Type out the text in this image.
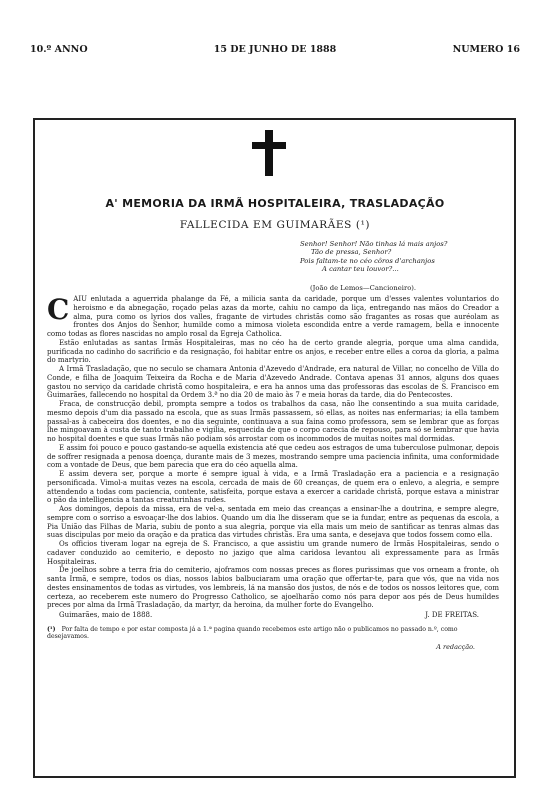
10.º ANNO	15 DE JUNHO DE 1888	NUMERO 16
A' MEMORIA DA IRMÃ HOSPITALEIRA, TRASLADAÇÃO
FALLECIDA EM GUIMARÃES (¹)
Senhor! Senhor! Não tinhas lá mais anjos?
Tão de pressa, Senhor?
Pois faltam-te no céo côros d'archanjos
A cantar teu louvor?...
(João de Lemos—Cancioneiro).

CAIU enlutada a aguerrida phalange da Fé, a milicia santa da caridade, porque um d'esses valentes voluntarios do heroismo e da abnegação, roçado pelas azas da morte, cahiu no campo da liça, entregando nas mãos do Creador a alma, pura como os lyrios dos valles, fragante de virtudes christãs como são fragantes as rosas que auréolam as frontes dos Anjos do Senhor, humilde como a mimosa violeta escondida entre a verde ramagem, bella e innocente como todas as flores nascidas no amplo rosal da Egreja Catholica.

Estão enlutadas as santas Irmãs Hospitaleiras, mas no céo ha de certo grande alegria, porque uma alma candida, purificada no cadinho do sacrificio e da resignação, foi habitar entre os anjos, e receber entre elles a coroa da gloria, a palma do martyrio.

A Irmã Trasladação, que no seculo se chamara Antonia d'Azevedo d'Andrade, era natural de Villar, no concelho de Villa do Conde, e filha de Joaquim Teixeira da Rocha e de Maria d'Azevedo Andrade. Contava apenas 31 annos, alguns dos quaes gastou no serviço da caridade christã como hospitaleira, e era ha annos uma das professoras das escolas de S. Francisco em Guimarães, fallecendo no hospital da Ordem 3.ª no dia 20 de maio às 7 e meia horas da tarde, dia do Pentecostes.

Fraca, de construcção debil, prompta sempre a todos os trabalhos da casa, não lhe consentindo a sua muita caridade, mesmo depois d'um dia passado na escola, que as suas Irmãs passassem, só ellas, as noites nas enfermarias; ia ella tambem passal-as à cabeceira dos doentes, e no dia seguinte, continuava a sua faina como professora, sem se lembrar que as forças lhe mingoavam à custa de tanto trabalho e vigilia, esquecida de que o corpo carecia de repouso, para só se lembrar que havia no hospital doentes e que suas Irmãs não podiam sós arrostar com os incommodos de muitas noites mal dormidas.

E assim foi pouco e pouco gastando-se aquella existencia até que cedeu aos estragos de uma tuberculose pulmonar, depois de soffrer resignada a penosa doença, durante mais de 3 mezes, mostrando sempre uma paciencia infinita, uma conformidade com a vontade de Deus, que bem parecia que era do céo aquella alma.

E assim devera ser, porque a morte é sempre igual à vida, e a Irmã Trasladação era a paciencia e a resignação personificada. Vimol-a muitas vezes na escola, cercada de mais de 60 creanças, de quem era o enlevo, a alegria, e sempre attendendo a todas com paciencia, contente, satisfeita, porque estava a exercer a caridade christã, porque estava a ministrar o pão da intelligencia a tantas creaturinhas rudes.

Aos domingos, depois da missa, era de vel-a, sentada em meio das creanças a ensinar-lhe a doutrina, e sempre alegre, sempre com o sorriso a esvoaçar-lhe dos labios. Quando um dia lhe disseram que se ia fundar, entre as pequenas da escola, a Pia União das Filhas de Maria, subiu de ponto a sua alegria, porque via ella mais um meio de santificar as tenras almas das suas discipulas por meio da oração e da pratica das virtudes christãs. Era uma santa, e desejava que todos fossem como ella.

Os officios tiveram logar na egreja de S. Francisco, a que assistiu um grande numero de Irmãs Hospitaleiras, sendo o cadaver conduzido ao cemiterio, e deposto no jazigo que alma caridosa levantou ali expressamente para as Irmãs Hospitaleiras.

De joelhos sobre a terra fria do cemiterio, ajoframos com nossas preces as flores purissimas que vos orneam a fronte, oh santa Irmã, e sempre, todos os dias, nossos labios balbuciaram uma oração que offertar-te, para que vós, que na vida nos destes ensinamentos de todas as virtudes, vos lembreis, lá na mansão dos justos, de nós e de todos os nossos leitores que, com certeza, ao receberem este numero do Progresso Catholico, se ajoelharão como nós para depor aos pés de Deus humildes preces por alma da Irmã Trasladação, da martyr, da heroina, da mulher forte do Evangelho.

Guimarães, maio de 1888.	J. DE FREITAS.
(¹) Por falta de tempo e por estar composta já a 1.ª pagina quando recebemos este artigo não o publicamos no passado n.º, como desejavamos.
A redacção.
